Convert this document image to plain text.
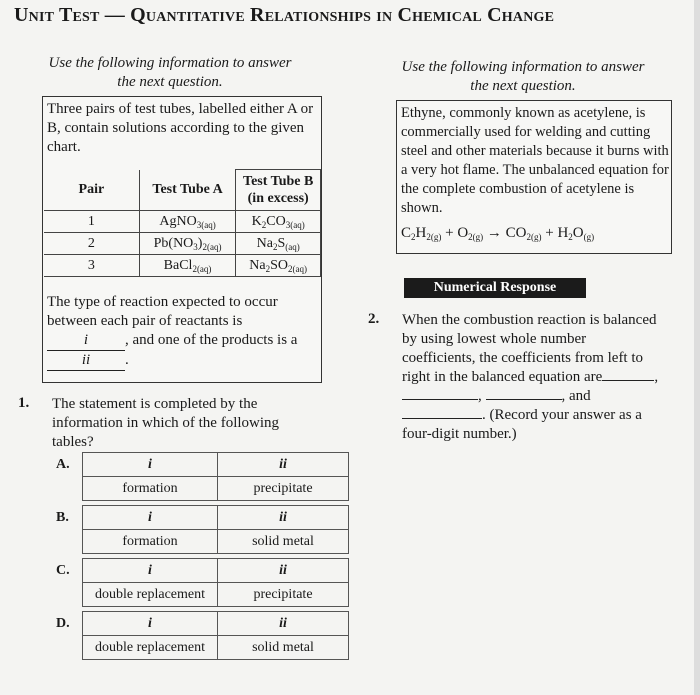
Unit Test — Quantitative Relationships in Chemical Change
Use the following information to answer the next question.
Three pairs of test tubes, labelled either A or B, contain solutions according to the given chart.
Pair	Test Tube A	Test Tube B (in excess)
1	AgNO$_{3(aq)}$	$K_2CO_{3(aq)}$
2	$Pb(NO_3)_{2(aq)}$	$Na_2S_{(aq)}$
3	BaCl$_{2(aq)}$	$Na_2SO_{2(aq)}$
The type of reaction expected to occur
between each pair of reactants is
i , and one of the products is a
ii .
1. The statement is completed by the information in which of the following tables?
A.	i	ii
formation	precipitate
B.	i	ii
formation	solid metal
C.	i	ii
double replacement	precipitate
D.	i	ii
double replacement	solid metal
Use the following information to answer the next question.
Ethyne, commonly known as acetylene, is commercially used for welding and cutting steel and other materials because it burns with a very hot flame. The unbalanced equation for the complete combustion of acetylene is shown.
$C_2H_{2(g)} + O_{2(g)} \to CO_{2(g)} + H_2O_{(g)}$
Numerical Response
2. When the combustion reaction is balanced
by using lowest whole number
coefficients, the coefficients from left to
right in the balanced equation are	,
,	, and
. (Record your answer as a
four-digit number.)
